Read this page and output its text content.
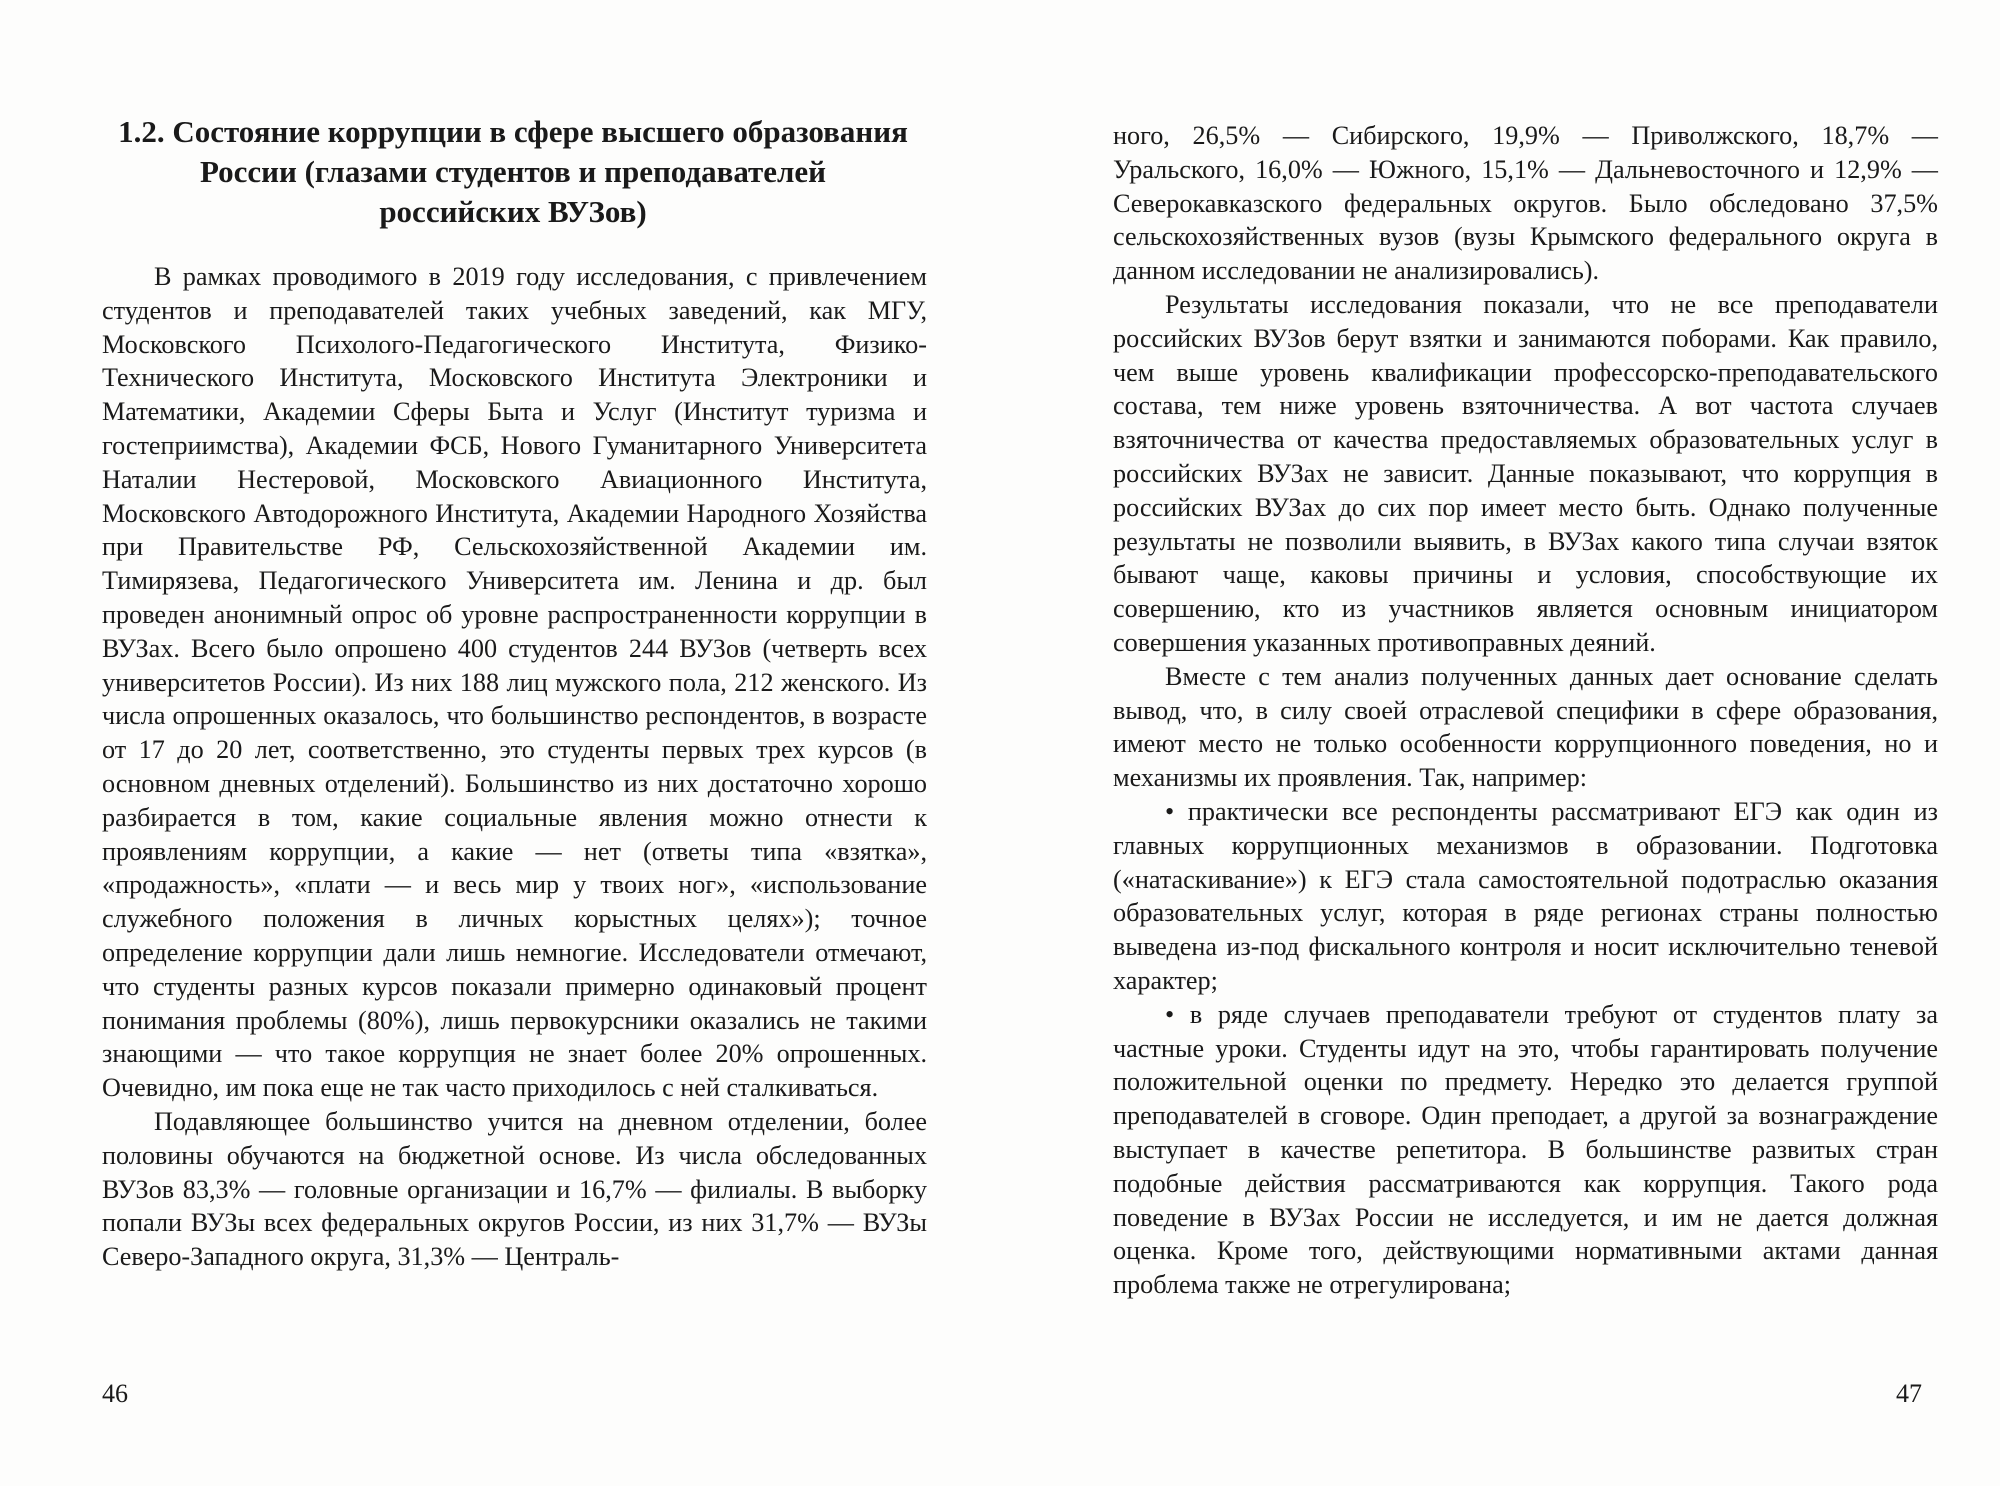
1.2. Состояние коррупции в сфере высшего образования
России (глазами студентов и преподавателей
российских ВУЗов)

В рамках проводимого в 2019 году исследования, с привлечением студентов и преподавателей таких учебных заведений, как МГУ, Московского Психолого-Педагогического Института, Физико-Технического Института, Московского Института Электроники и Математики, Академии Сферы Быта и Услуг (Институт туризма и гостеприимства), Академии ФСБ, Нового Гуманитарного Университета Наталии Нестеровой, Московского Авиационного Института, Московского Автодорожного Института, Академии Народного Хозяйства при Правительстве РФ, Сельскохозяйственной Академии им. Тимирязева, Педагогического Университета им. Ленина и др. был проведен анонимный опрос об уровне распространенности коррупции в ВУЗах. Всего было опрошено 400 студентов 244 ВУЗов (четверть всех университетов России). Из них 188 лиц мужского пола, 212 женского. Из числа опрошенных оказалось, что большинство респондентов, в возрасте от 17 до 20 лет, соответственно, это студенты первых трех курсов (в основном дневных отделений). Большинство из них достаточно хорошо разбирается в том, какие социальные явления можно отнести к проявлениям коррупции, а какие — нет (ответы типа «взятка», «продажность», «плати — и весь мир у твоих ног», «использование служебного положения в личных корыстных целях»); точное определение коррупции дали лишь немногие. Исследователи отмечают, что студенты разных курсов показали примерно одинаковый процент понимания проблемы (80%), лишь первокурсники оказались не такими знающими — что такое коррупция не знает более 20% опрошенных. Очевидно, им пока еще не так часто приходилось с ней сталкиваться.

Подавляющее большинство учится на дневном отделении, более половины обучаются на бюджетной основе. Из числа обследованных ВУЗов 83,3% — головные организации и 16,7% — филиалы. В выборку попали ВУЗы всех федеральных округов России, из них 31,7% — ВУЗы Северо-Западного округа, 31,3% — Централь-

46

ного, 26,5% — Сибирского, 19,9% — Приволжского, 18,7% — Уральского, 16,0% — Южного, 15,1% — Дальневосточного и 12,9% — Северокавказского федеральных округов. Было обследовано 37,5% сельскохозяйственных вузов (вузы Крымского федерального округа в данном исследовании не анализировались).

Результаты исследования показали, что не все преподаватели российских ВУЗов берут взятки и занимаются поборами. Как правило, чем выше уровень квалификации профессорско-преподавательского состава, тем ниже уровень взяточничества. А вот частота случаев взяточничества от качества предоставляемых образовательных услуг в российских ВУЗах не зависит. Данные показывают, что коррупция в российских ВУЗах до сих пор имеет место быть. Однако полученные результаты не позволили выявить, в ВУЗах какого типа случаи взяток бывают чаще, каковы причины и условия, способствующие их совершению, кто из участников является основным инициатором совершения указанных противоправных деяний.

Вместе с тем анализ полученных данных дает основание сделать вывод, что, в силу своей отраслевой специфики в сфере образования, имеют место не только особенности коррупционного поведения, но и механизмы их проявления. Так, например:

• практически все респонденты рассматривают ЕГЭ как один из главных коррупционных механизмов в образовании. Подготовка («натаскивание») к ЕГЭ стала самостоятельной подотраслью оказания образовательных услуг, которая в ряде регионах страны полностью выведена из-под фискального контроля и носит исключительно теневой характер;

• в ряде случаев преподаватели требуют от студентов плату за частные уроки. Студенты идут на это, чтобы гарантировать получение положительной оценки по предмету. Нередко это делается группой преподавателей в сговоре. Один преподает, а другой за вознаграждение выступает в качестве репетитора. В большинстве развитых стран подобные действия рассматриваются как коррупция. Такого рода поведение в ВУЗах России не исследуется, и им не дается должная оценка. Кроме того, действующими нормативными актами данная проблема также не отрегулирована;

47
